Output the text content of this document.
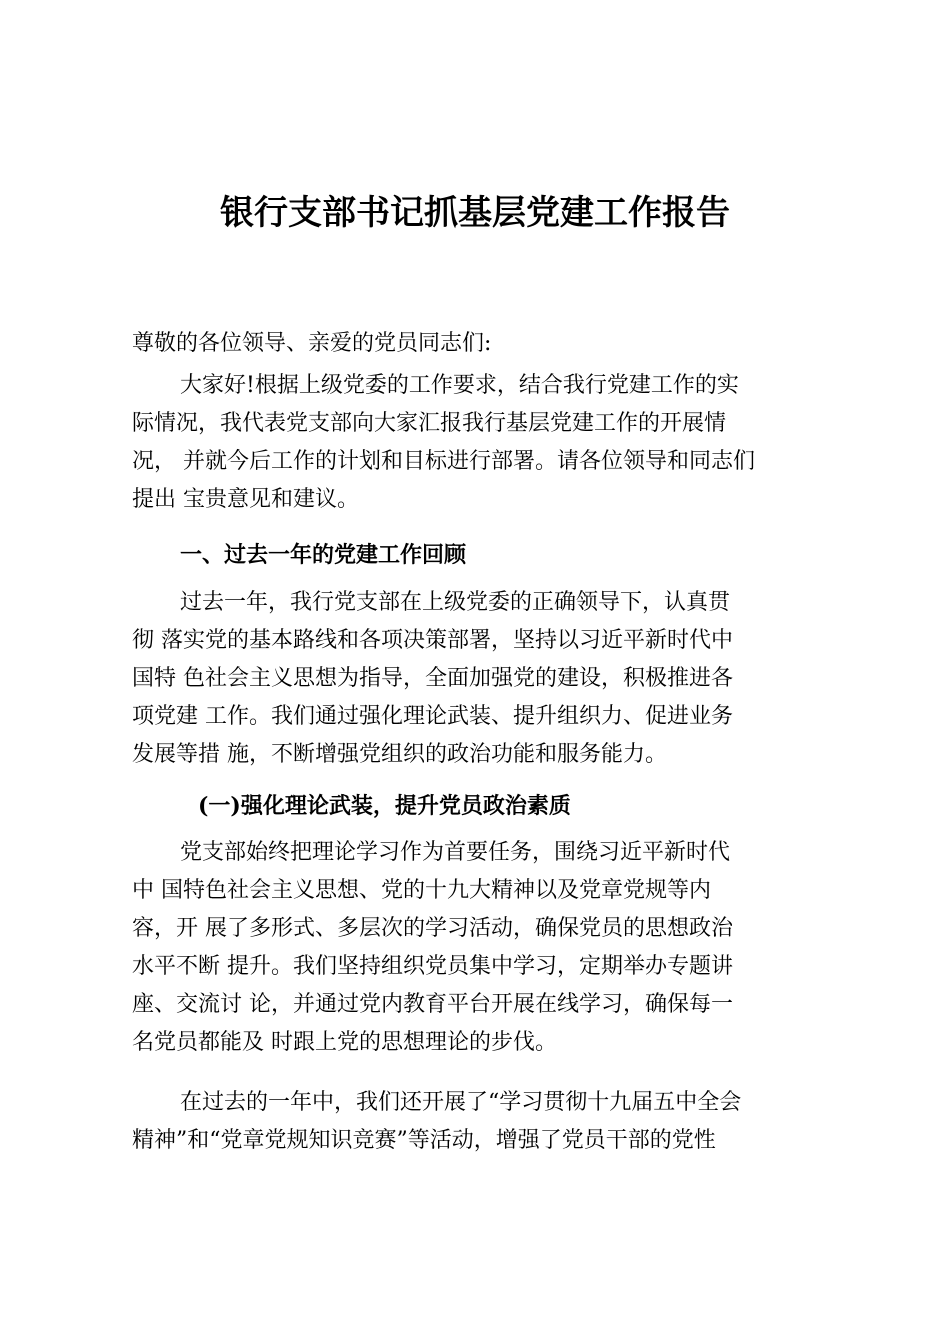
银行支部书记抓基层党建工作报告
尊敬的各位领导、亲爱的党员同志们:
大家好!根据上级党委的工作要求，结合我行党建工作的实
际情况，我代表党支部向大家汇报我行基层党建工作的开展情
况， 并就今后工作的计划和目标进行部署。请各位领导和同志们
提出 宝贵意见和建议。
一、过去一年的党建工作回顾
过去一年，我行党支部在上级党委的正确领导下，认真贯
彻 落实党的基本路线和各项决策部署，坚持以习近平新时代中
国特 色社会主义思想为指导，全面加强党的建设，积极推进各
项党建 工作。我们通过强化理论武装、提升组织力、促进业务
发展等措 施，不断增强党组织的政治功能和服务能力。
(一)强化理论武装，提升党员政治素质
党支部始终把理论学习作为首要任务，围绕习近平新时代
中 国特色社会主义思想、党的十九大精神以及党章党规等内
容，开 展了多形式、多层次的学习活动，确保党员的思想政治
水平不断 提升。我们坚持组织党员集中学习，定期举办专题讲
座、交流讨 论，并通过党内教育平台开展在线学习，确保每一
名党员都能及 时跟上党的思想理论的步伐。
在过去的一年中，我们还开展了“学习贯彻十九届五中全会
精神”和“党章党规知识竞赛”等活动，增强了党员干部的党性
